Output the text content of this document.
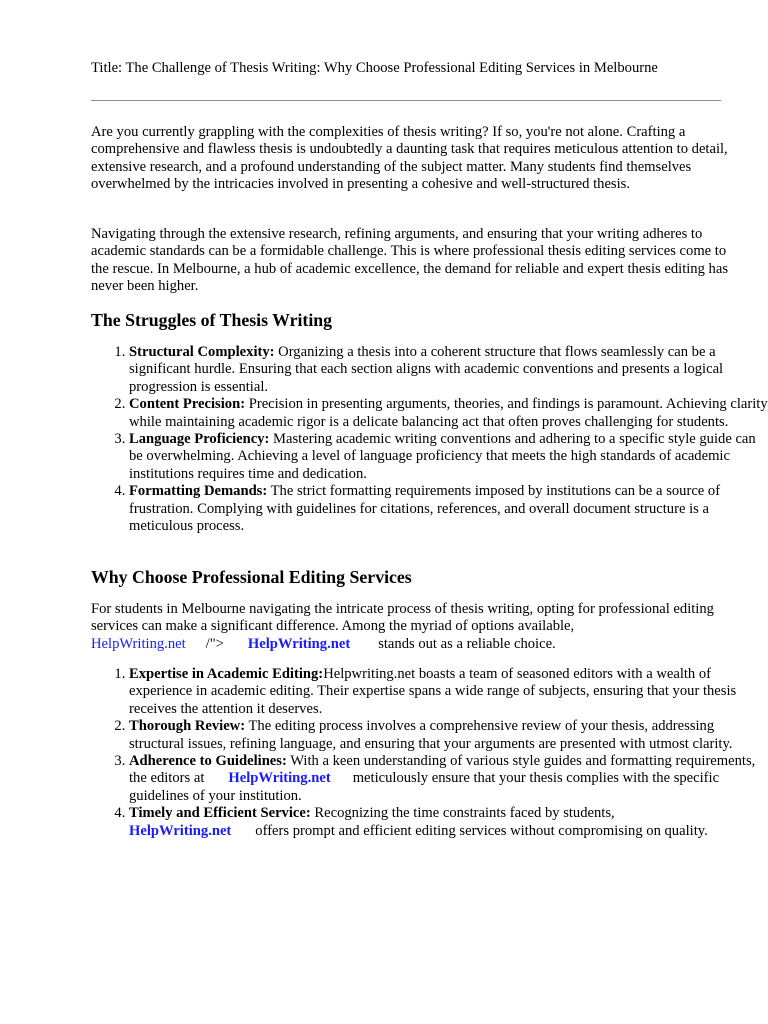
Title: The Challenge of Thesis Writing: Why Choose Professional Editing Services in Melbourne

Are you currently grappling with the complexities of thesis writing? If so, you're not alone. Crafting a comprehensive and flawless thesis is undoubtedly a daunting task that requires meticulous attention to detail, extensive research, and a profound understanding of the subject matter. Many students find themselves overwhelmed by the intricacies involved in presenting a cohesive and well-structured thesis.

Navigating through the extensive research, refining arguments, and ensuring that your writing adheres to academic standards can be a formidable challenge. This is where professional thesis editing services come to the rescue. In Melbourne, a hub of academic excellence, the demand for reliable and expert thesis editing has never been higher.

The Struggles of Thesis Writing
1. Structural Complexity: Organizing a thesis into a coherent structure that flows seamlessly can be a significant hurdle. Ensuring that each section aligns with academic conventions and presents a logical progression is essential.
2. Content Precision: Precision in presenting arguments, theories, and findings is paramount. Achieving clarity while maintaining academic rigor is a delicate balancing act that often proves challenging for students.
3. Language Proficiency: Mastering academic writing conventions and adhering to a specific style guide can be overwhelming. Achieving a level of language proficiency that meets the high standards of academic institutions requires time and dedication.
4. Formatting Demands: The strict formatting requirements imposed by institutions can be a source of frustration. Complying with guidelines for citations, references, and overall document structure is a meticulous process.
Why Choose Professional Editing Services

For students in Melbourne navigating the intricate process of thesis writing, opting for professional editing services can make a significant difference. Among the myriad of options available,
HelpWriting.net /"> HelpWriting.net stands out as a reliable choice.

1. Expertise in Academic Editing:Helpwriting.net boasts a team of seasoned editors with a wealth of experience in academic editing. Their expertise spans a wide range of subjects, ensuring that your thesis receives the attention it deserves.
2. Thorough Review: The editing process involves a comprehensive review of your thesis, addressing structural issues, refining language, and ensuring that your arguments are presented with utmost clarity.
3. Adherence to Guidelines: With a keen understanding of various style guides and formatting requirements, the editors at HelpWriting.net meticulously ensure that your thesis complies with the specific guidelines of your institution.
4. Timely and Efficient Service: Recognizing the time constraints faced by students,
HelpWriting.net offers prompt and efficient editing services without compromising on quality.
